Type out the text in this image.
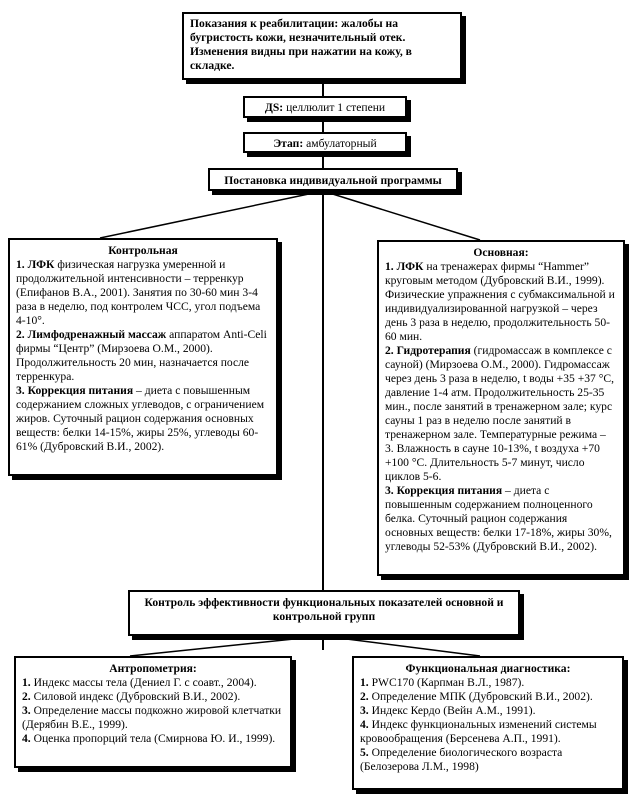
Показания к реабилитации: жалобы на бугристость кожи, незначительный отек. Изменения видны при нажатии на кожу, в складке.
ДS: целлюлит 1 степени
Этап: амбулаторный
Постановка индивидуальной программы
Контрольная
1. ЛФК физическая нагрузка умеренной и продолжительной интенсивности – терренкур (Епифанов В.А., 2001). Занятия по 30-60 мин 3-4 раза в неделю, под контролем ЧСС, угол подъема 4-10°.
2. Лимфодренажный массаж аппаратом Anti-Celi фирмы “Центр” (Мирзоева О.М., 2000). Продолжительность 20 мин, назначается после терренкура.
3. Коррекция питания – диета с повышенным содержанием сложных углеводов, с ограничением жиров. Суточный рацион содержания основных веществ: белки 14-15%, жиры 25%, углеводы 60-61% (Дубровский В.И., 2002).
Основная:
1. ЛФК на тренажерах фирмы “Hammer” круговым методом (Дубровский В.И., 1999). Физические упражнения с субмаксимальной и индивидуализированной нагрузкой – через день 3 раза в неделю, продолжительность 50-60 мин.
2. Гидротерапия (гидромассаж в комплексе с сауной) (Мирзоева О.М., 2000). Гидромассаж через день 3 раза в неделю, t воды +35 +37 °С, давление 1-4 атм. Продолжительность 25-35 мин., после занятий в тренажерном зале; курс сауны 1 раз в неделю после занятий в тренажерном зале. Температурные режима – 3. Влажность в сауне 10-13%, t воздуха +70 +100 °С. Длительность 5-7 минут, число циклов 5-6.
3. Коррекция питания – диета с повышенным содержанием полноценного белка. Суточный рацион содержания основных веществ: белки 17-18%, жиры 30%, углеводы 52-53% (Дубровский В.И., 2002).
Контроль эффективности функциональных показателей основной и контрольной групп
Антропометрия:
1. Индекс массы тела (Дениел Г. с соавт., 2004).
2. Силовой индекс (Дубровский В.И., 2002).
3. Определение массы подкожно жировой клетчатки (Дерябин В.Е., 1999).
4. Оценка пропорций тела (Смирнова Ю. И., 1999).
Функциональная диагностика:
1. PWC170 (Карпман В.Л., 1987).
2. Определение МПК (Дубровский В.И., 2002).
3. Индекс Кердо (Вейн А.М., 1991).
4. Индекс функциональных изменений системы кровообращения (Берсенева А.П., 1991).
5. Определение биологического возраста (Белозерова Л.М., 1998)
